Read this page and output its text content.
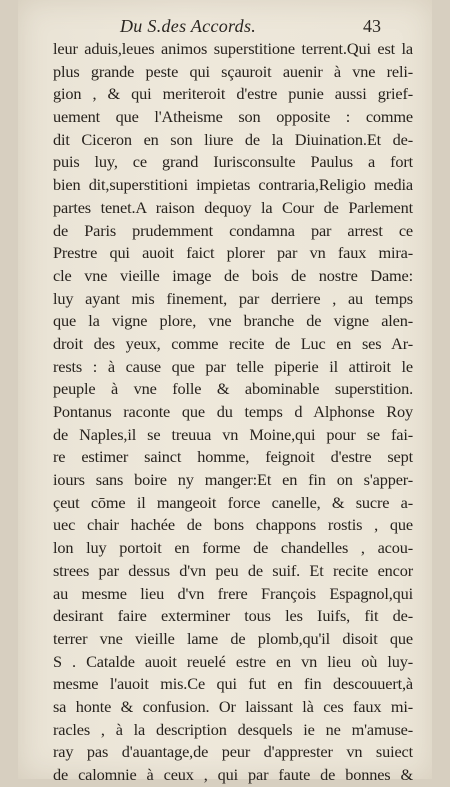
Du S.des Accords.	43
leur aduis,leues animos superstitione terrent.Qui est la
plus grande peste qui sçauroit auenir à vne reli-
gion , & qui meriteroit d'estre punie aussi grief-
uement que l'Atheisme son opposite : comme
dit Ciceron en son liure de la Diuination.Et de-
puis luy, ce grand Iurisconsulte Paulus a fort
bien dit,superstitioni impietas contraria,Religio media
partes tenet.A raison dequoy la Cour de Parlement
de Paris prudemment condamna par arrest ce
Prestre qui auoit faict plorer par vn faux mira-
cle vne vieille image de bois de nostre Dame:
luy ayant mis finement, par derriere , au temps
que la vigne plore, vne branche de vigne alen-
droit des yeux, comme recite de Luc en ses Ar-
rests : à cause que par telle piperie il attiroit le
peuple à vne folle & abominable superstition.
Pontanus raconte que du temps d Alphonse Roy
de Naples,il se treuua vn Moine,qui pour se fai-
re estimer sainct homme, feignoit d'estre sept
iours sans boire ny manger:Et en fin on s'apper-
çeut cōme il mangeoit force canelle, & sucre a-
uec chair hachée de bons chappons rostis , que
lon luy portoit en forme de chandelles , acou-
strees par dessus d'vn peu de suif. Et recite encor
au mesme lieu d'vn frere François Espagnol,qui
desirant faire exterminer tous les Iuifs, fit de-
terrer vne vieille lame de plomb,qu'il disoit que
S . Catalde auoit reuelé estre en vn lieu où luy-
mesme l'auoit mis.Ce qui fut en fin descouuert,à
sa honte & confusion. Or laissant là ces faux mi-
racles , à la description desquels ie ne m'amuse-
ray pas d'auantage,de peur d'apprester vn suiect
de calomnie à ceux , qui par faute de bonnes &
